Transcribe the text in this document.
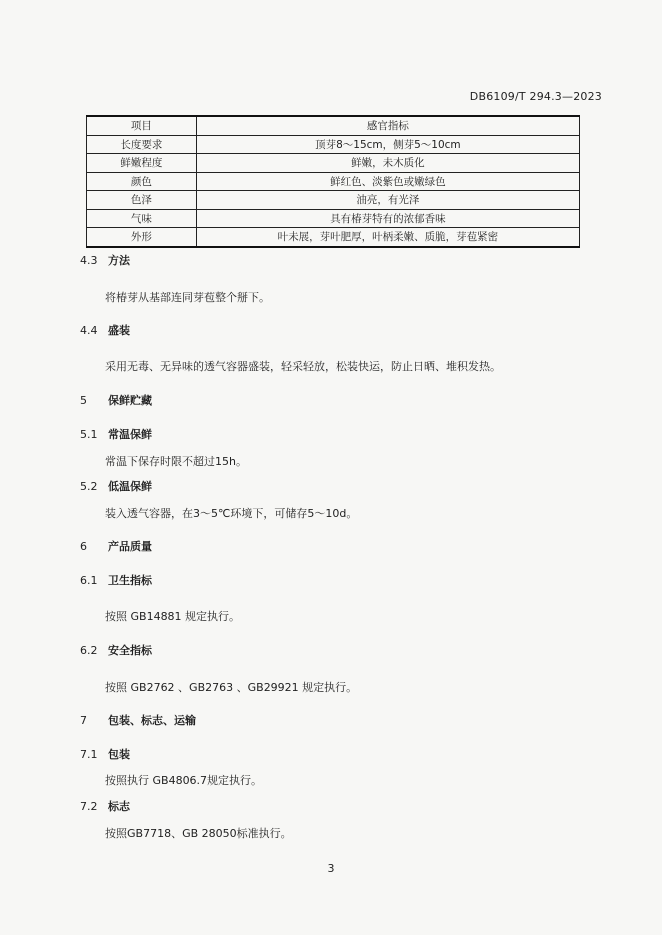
DB6109/T 294.3—2023
项目	感官指标
长度要求	顶芽8～15cm，侧芽5～10cm
鲜嫩程度	鲜嫩，未木质化
颜色	鲜红色、淡紫色或嫩绿色
色泽	油亮，有光泽
气味	具有椿芽特有的浓郁香味
外形	叶未展，芽叶肥厚，叶柄柔嫩、质脆，芽苞紧密
4.3 方法
将椿芽从基部连同芽苞整个掰下。
4.4 盛装
采用无毒、无异味的透气容器盛装，轻采轻放，松装快运，防止日晒、堆积发热。
5 保鲜贮藏
5.1 常温保鲜
常温下保存时限不超过15h。
5.2 低温保鲜
装入透气容器，在3～5℃环境下，可储存5～10d。
6 产品质量
6.1 卫生指标
按照 GB14881 规定执行。
6.2 安全指标
按照 GB2762 、GB2763 、GB29921 规定执行。
7 包装、标志、运输
7.1 包装
按照执行 GB4806.7规定执行。
7.2 标志
按照GB7718、GB 28050标准执行。
3
